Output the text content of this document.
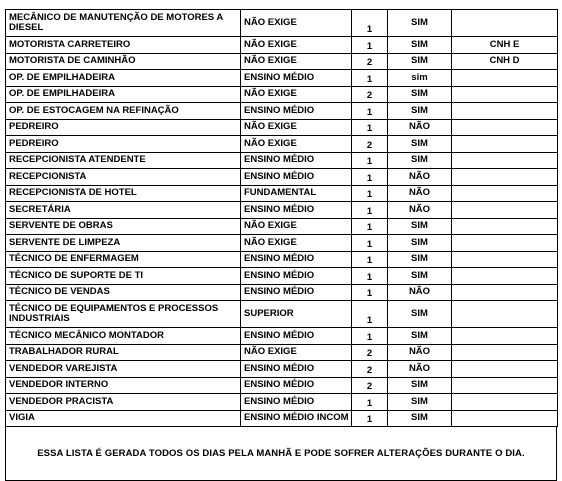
MECÂNICO DE MANUTENÇÃO DE MOTORES A DIESEL	NÃO EXIGE	1	SIM	
MOTORISTA CARRETEIRO	NÃO EXIGE	1	SIM	CNH E
MOTORISTA DE CAMINHÃO	NÃO EXIGE	2	SIM	CNH D
OP. DE EMPILHADEIRA	ENSINO MÉDIO	1	sim	
OP. DE EMPILHADEIRA	NÃO EXIGE	2	SIM	
OP. DE ESTOCAGEM NA REFINAÇÃO	ENSINO MÉDIO	1	SIM	
PEDREIRO	NÃO EXIGE	1	NÃO	
PEDREIRO	NÃO EXIGE	2	SIM	
RECEPCIONISTA ATENDENTE	ENSINO MÉDIO	1	SIM	
RECEPCIONISTA	ENSINO MÉDIO	1	NÃO	
RECEPCIONISTA DE HOTEL	FUNDAMENTAL	1	NÃO	
SECRETÁRIA	ENSINO MÉDIO	1	NÃO	
SERVENTE DE OBRAS	NÃO EXIGE	1	SIM	
SERVENTE DE LIMPEZA	NÃO EXIGE	1	SIM	
TÉCNICO DE ENFERMAGEM	ENSINO MÉDIO	1	SIM	
TÉCNICO DE SUPORTE DE TI	ENSINO MÉDIO	1	SIM	
TÉCNICO DE VENDAS	ENSINO MÉDIO	1	NÃO	
TÉCNICO DE EQUIPAMENTOS E PROCESSOS INDUSTRIAIS	SUPERIOR	1	SIM	
TÉCNICO MECÂNICO MONTADOR	ENSINO MÉDIO	1	SIM	
TRABALHADOR RURAL	NÃO EXIGE	2	NÃO	
VENDEDOR VAREJISTA	ENSINO MÉDIO	2	NÃO	
VENDEDOR INTERNO	ENSINO MÉDIO	2	SIM	
VENDEDOR PRACISTA	ENSINO MÉDIO	1	SIM	
VIGIA	ENSINO MÉDIO INCOM	1	SIM	
ESSA LISTA É GERADA TODOS OS DIAS PELA MANHÃ E PODE SOFRER ALTERAÇÕES DURANTE O DIA.
